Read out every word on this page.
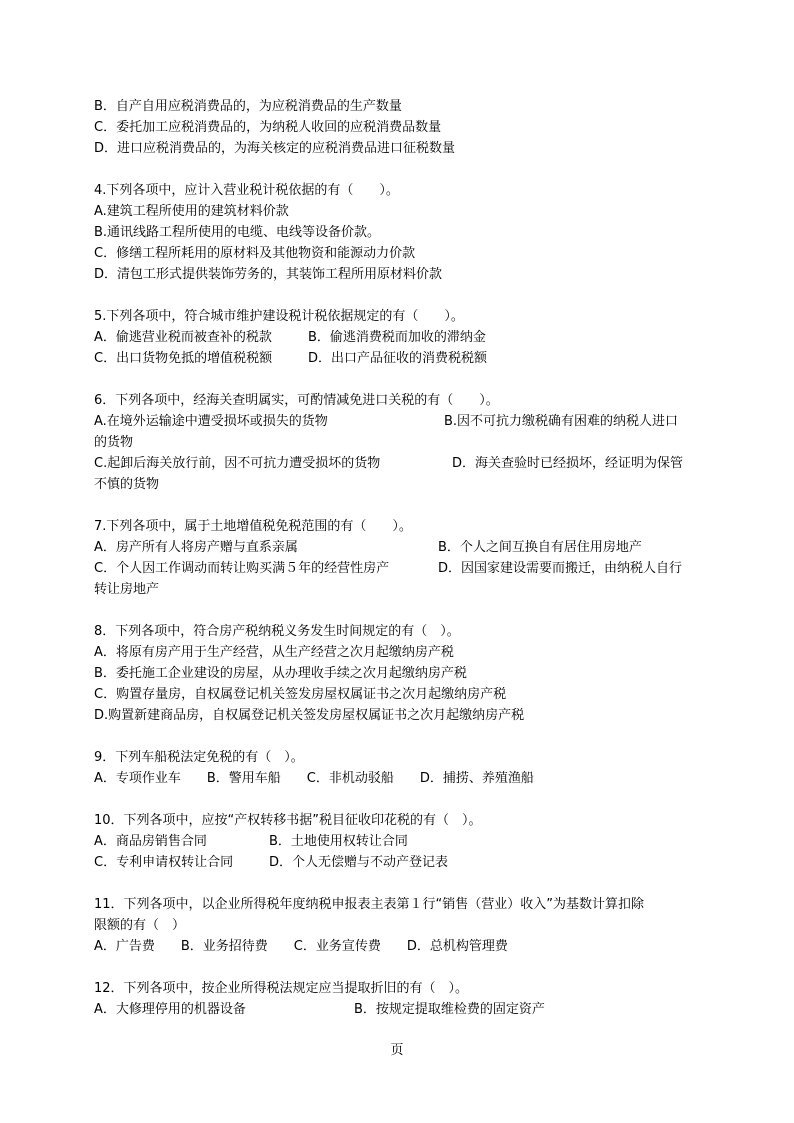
B．自产自用应税消费品的，为应税消费品的生产数量
C．委托加工应税消费品的，为纳税人收回的应税消费品数量
D．进口应税消费品的，为海关核定的应税消费品进口征税数量
4.下列各项中，应计入营业税计税依据的有（　　）。
A.建筑工程所使用的建筑材料价款
B.通讯线路工程所使用的电缆、电线等设备价款。
C．修缮工程所耗用的原材料及其他物资和能源动力价款
D．清包工形式提供装饰劳务的，其装饰工程所用原材料价款
5.下列各项中，符合城市维护建设税计税依据规定的有（　　）。
A．偷逃营业税而被查补的税款	B．偷逃消费税而加收的滞纳金
C．出口货物免抵的增值税税额	D．出口产品征收的消费税税额
6．下列各项中，经海关查明属实，可酌情减免进口关税的有（　　）。
A.在境外运输途中遭受损坏或损失的货物	B.因不可抗力缴税确有困难的纳税人进口
的货物
C.起卸后海关放行前，因不可抗力遭受损坏的货物	D．海关查验时已经损坏，经证明为保管
不慎的货物
7.下列各项中，属于土地增值税免税范围的有（　　）。
A．房产所有人将房产赠与直系亲属	B．个人之间互换自有居住用房地产
C．个人因工作调动而转让购买满５年的经营性房产	D．因国家建设需要而搬迁，由纳税人自行
转让房地产
8．下列各项中，符合房产税纳税义务发生时间规定的有（　）。
A．将原有房产用于生产经营，从生产经营之次月起缴纳房产税
B．委托施工企业建设的房屋，从办理收手续之次月起缴纳房产税
C．购置存量房，自权属登记机关签发房屋权属证书之次月起缴纳房产税
D.购置新建商品房，自权属登记机关签发房屋权属证书之次月起缴纳房产税
9．下列车船税法定免税的有（　）。
A．专项作业车　　B．警用车船　　C．非机动驳船　　D．捕捞、养殖渔船
10．下列各项中，应按“产权转移书据”税目征收印花税的有（　）。
A．商品房销售合同	B．土地使用权转让合同
C．专利申请权转让合同	D．个人无偿赠与不动产登记表
11．下列各项中，以企业所得税年度纳税申报表主表第１行“销售（营业）收入”为基数计算扣除
限额的有（　）
A．广告费　　B．业务招待费　　C．业务宣传费　　D．总机构管理费
12．下列各项中，按企业所得税法规定应当提取折旧的有（　）。
A．大修理停用的机器设备	B．按规定提取维检费的固定资产
页
